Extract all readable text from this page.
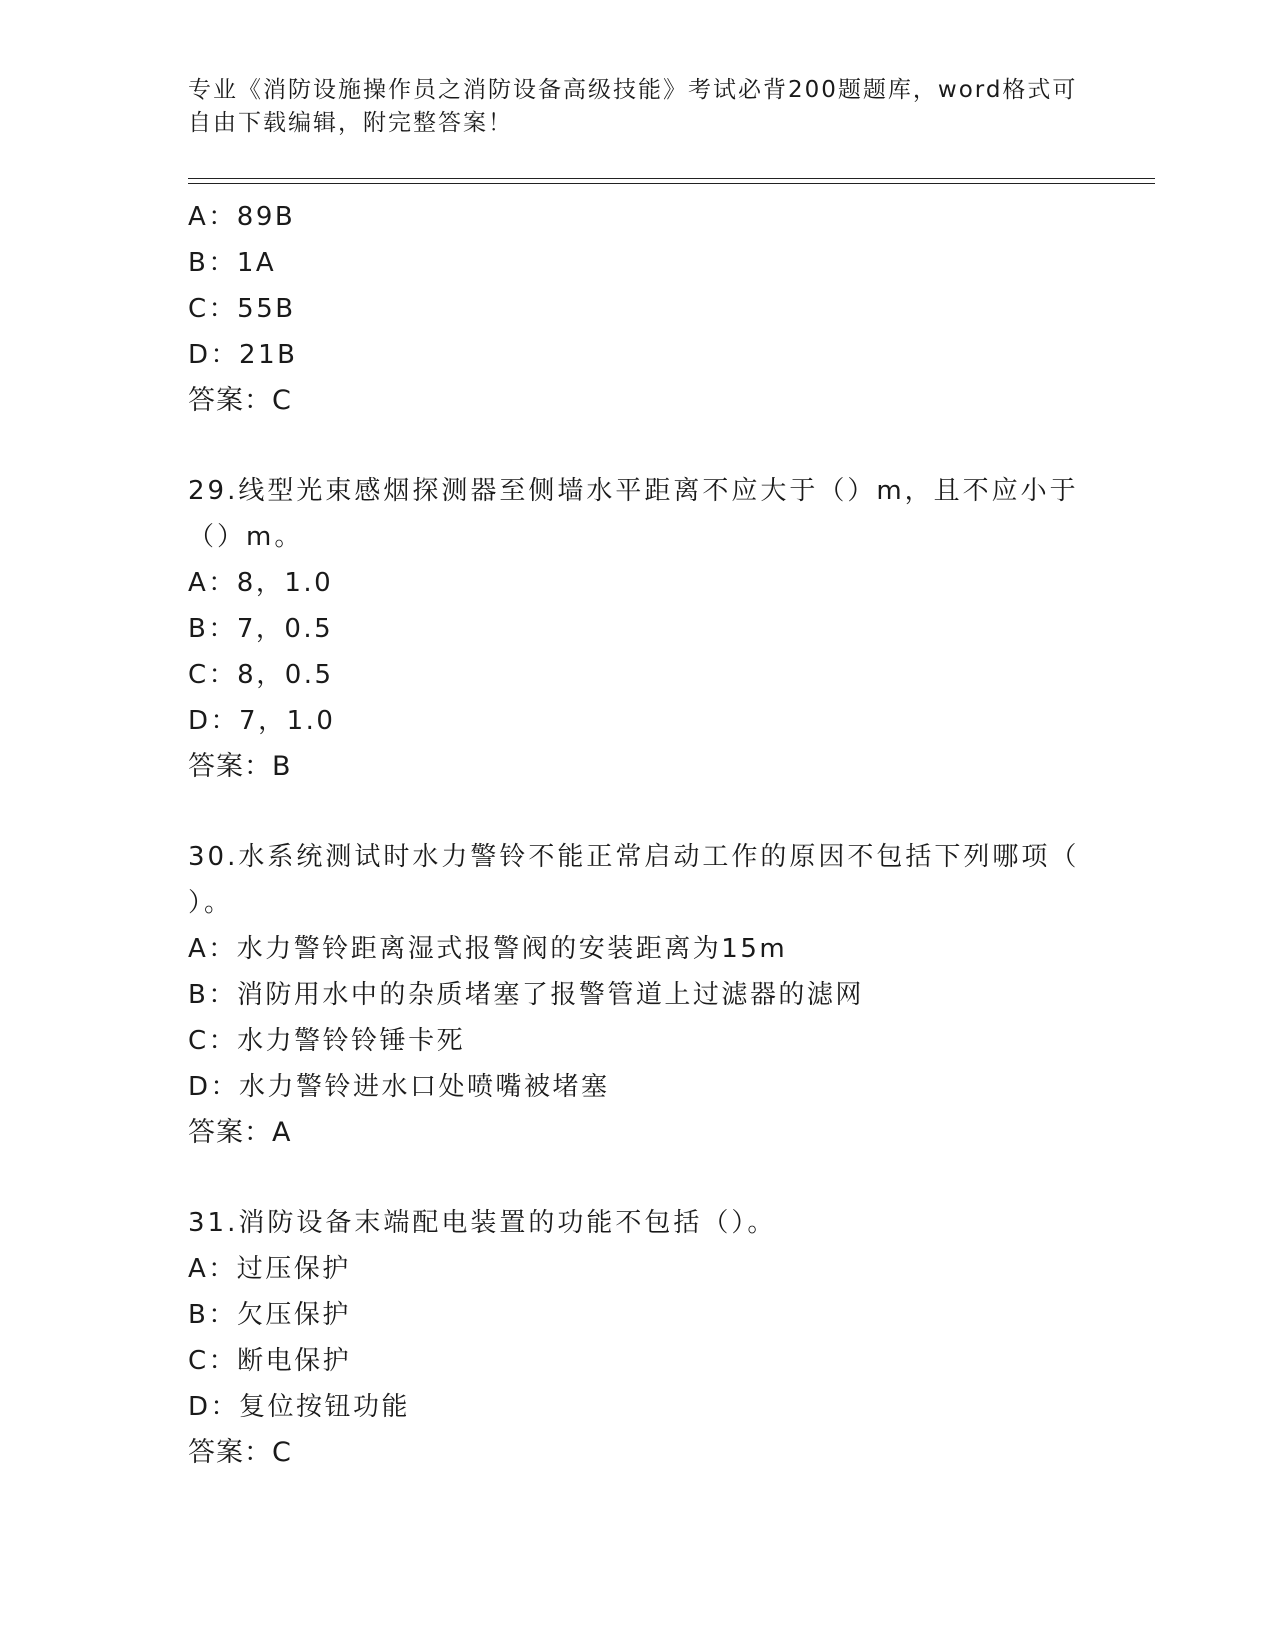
专业《消防设施操作员之消防设备高级技能》考试必背200题题库，word格式可
自由下载编辑，附完整答案！
A：89B
B：1A
C：55B
D：21B
答案：C
29.线型光束感烟探测器至侧墙水平距离不应大于（）m，且不应小于
（）m。
A：8，1.0
B：7，0.5
C：8，0.5
D：7，1.0
答案：B
30.水系统测试时水力警铃不能正常启动工作的原因不包括下列哪项（
）。
A：水力警铃距离湿式报警阀的安装距离为15m
B：消防用水中的杂质堵塞了报警管道上过滤器的滤网
C：水力警铃铃锤卡死
D：水力警铃进水口处喷嘴被堵塞
答案：A
31.消防设备末端配电装置的功能不包括（）。
A：过压保护
B：欠压保护
C：断电保护
D：复位按钮功能
答案：C
